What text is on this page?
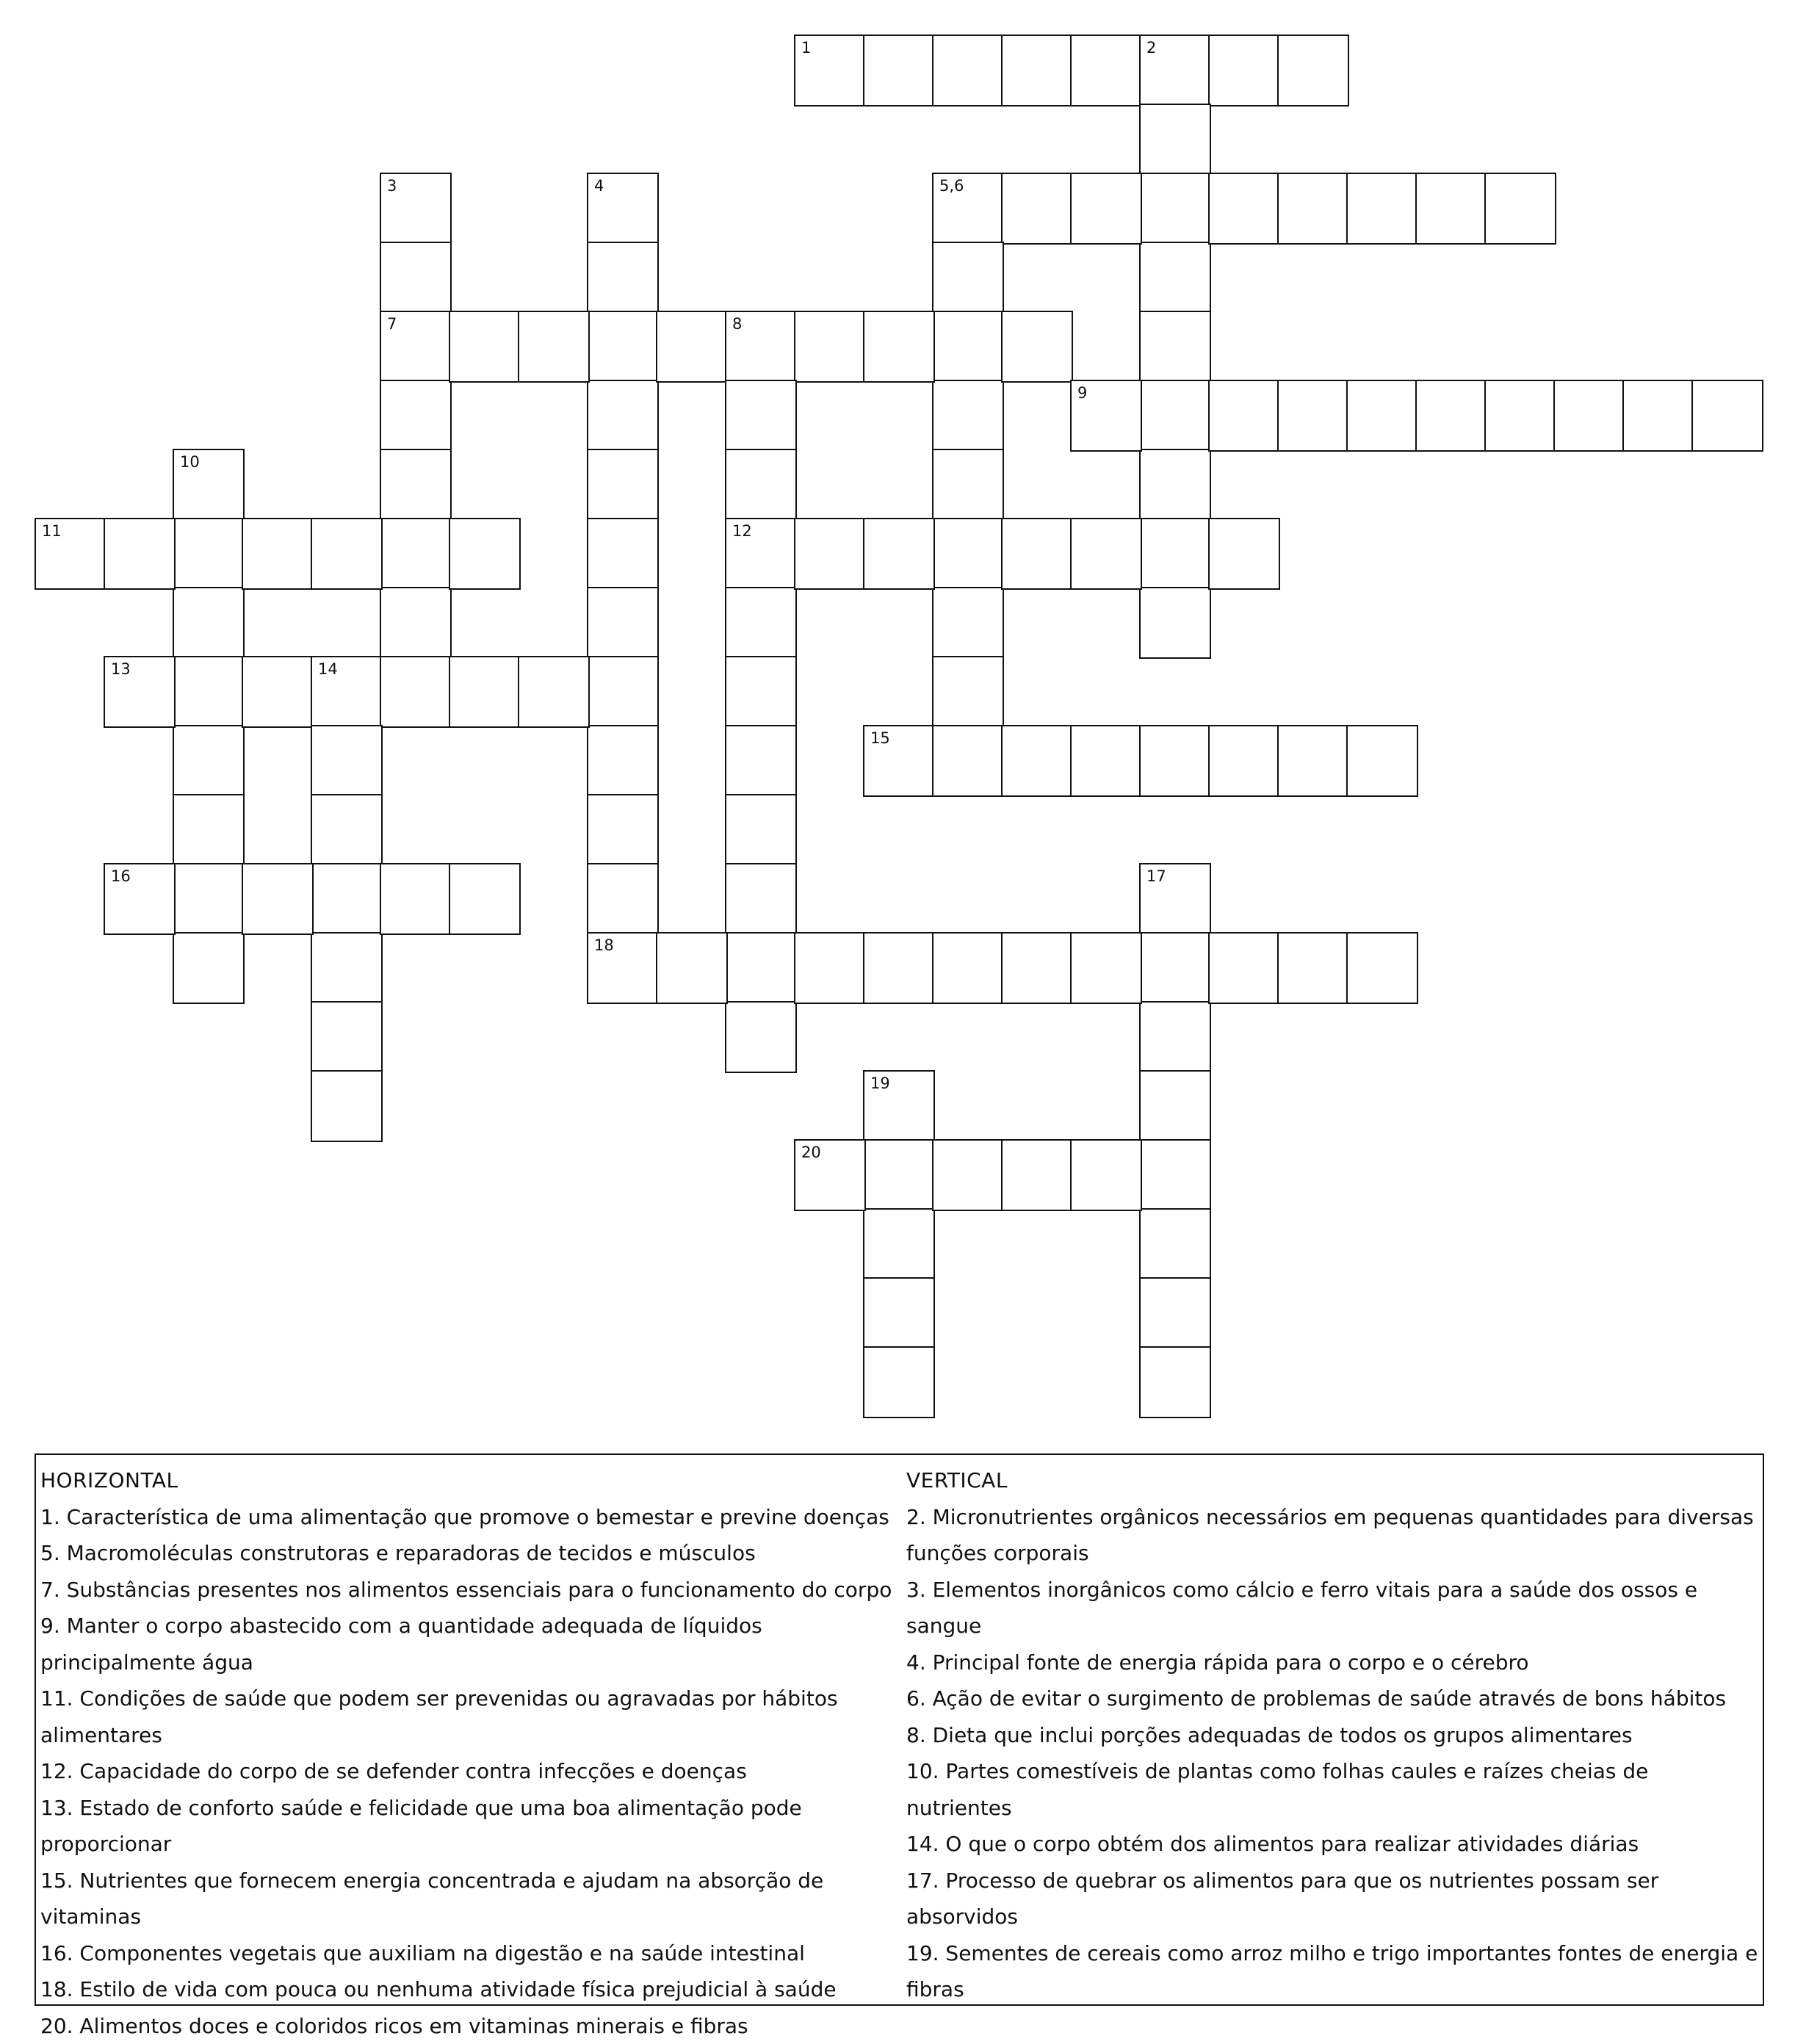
1	2
3
7
4	5,6
8
12
9
10
11
13	14
15
16	17
18
19
20

HORIZONTAL

1. Característica de uma alimentação que promove o bemestar e previne doenças

5. Macromoléculas construtoras e reparadoras de tecidos e músculos

7. Substâncias presentes nos alimentos essenciais para o funcionamento do corpo

9. Manter o corpo abastecido com a quantidade adequada de líquidos principalmente água

11. Condições de saúde que podem ser prevenidas ou agravadas por hábitos alimentares

12. Capacidade do corpo de se defender contra infecções e doenças

13. Estado de conforto saúde e felicidade que uma boa alimentação pode proporcionar

15. Nutrientes que fornecem energia concentrada e ajudam na absorção de vitaminas

16. Componentes vegetais que auxiliam na digestão e na saúde intestinal

18. Estilo de vida com pouca ou nenhuma atividade física prejudicial à saúde

20. Alimentos doces e coloridos ricos em vitaminas minerais e fibras

VERTICAL

2. Micronutrientes orgânicos necessários em pequenas quantidades para diversas funções corporais

3. Elementos inorgânicos como cálcio e ferro vitais para a saúde dos ossos e sangue

4. Principal fonte de energia rápida para o corpo e o cérebro

6. Ação de evitar o surgimento de problemas de saúde através de bons hábitos

8. Dieta que inclui porções adequadas de todos os grupos alimentares

10. Partes comestíveis de plantas como folhas caules e raízes cheias de nutrientes

14. O que o corpo obtém dos alimentos para realizar atividades diárias

17. Processo de quebrar os alimentos para que os nutrientes possam ser absorvidos

19. Sementes de cereais como arroz milho e trigo importantes fontes de energia e fibras
